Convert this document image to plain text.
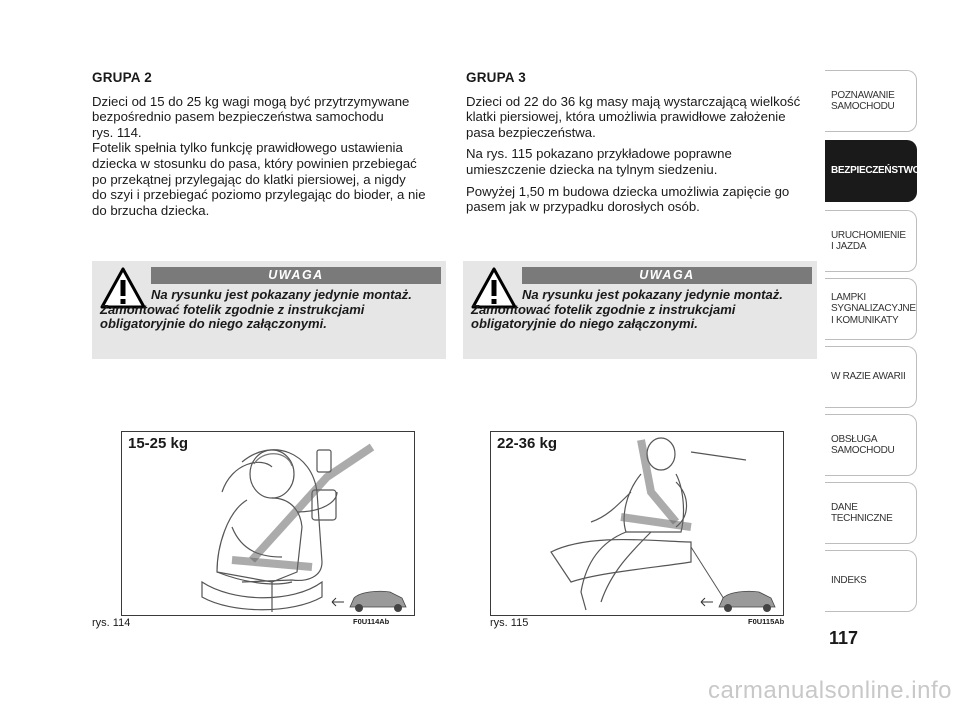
GRUPA 2
Dzieci od 15 do 25 kg wagi mogą być przytrzymywane
bezpośrednio pasem bezpieczeństwa samochodu
rys. 114.
Fotelik spełnia tylko funkcję prawidłowego ustawienia
dziecka w stosunku do pasa, który powinien przebiegać
po przekątnej przylegając do klatki piersiowej, a nigdy
do szyi i przebiegać poziomo przylegając do bioder, a nie
do brzucha dziecka.
GRUPA 3
Dzieci od 22 do 36 kg masy mają wystarczającą wielkość
klatki piersiowej, która umożliwia prawidłowe założenie
pasa bezpieczeństwa.
Na rys. 115 pokazano przykładowe poprawne
umieszczenie dziecka na tylnym siedzeniu.
Powyżej 1,50 m budowa dziecka umożliwia zapięcie go
pasem jak w przypadku dorosłych osób.
UWAGA
Na rysunku jest pokazany jedynie montaż. Zamontować fotelik zgodnie z instrukcjami obligatoryjnie do niego załączonymi.
UWAGA
Na rysunku jest pokazany jedynie montaż. Zamontować fotelik zgodnie z instrukcjami obligatoryjnie do niego załączonymi.
15-25 kg
rys. 114	F0U114Ab
22-36 kg
rys. 115	F0U115Ab
POZNAWANIE
SAMOCHODU
BEZPIECZEŃSTWO
URUCHOMIENIE
I JAZDA
LAMPKI
SYGNALIZACYJNE
I KOMUNIKATY
W RAZIE AWARII
OBSŁUGA
SAMOCHODU
DANE
TECHNICZNE
INDEKS
117
carmanualsonline.info
